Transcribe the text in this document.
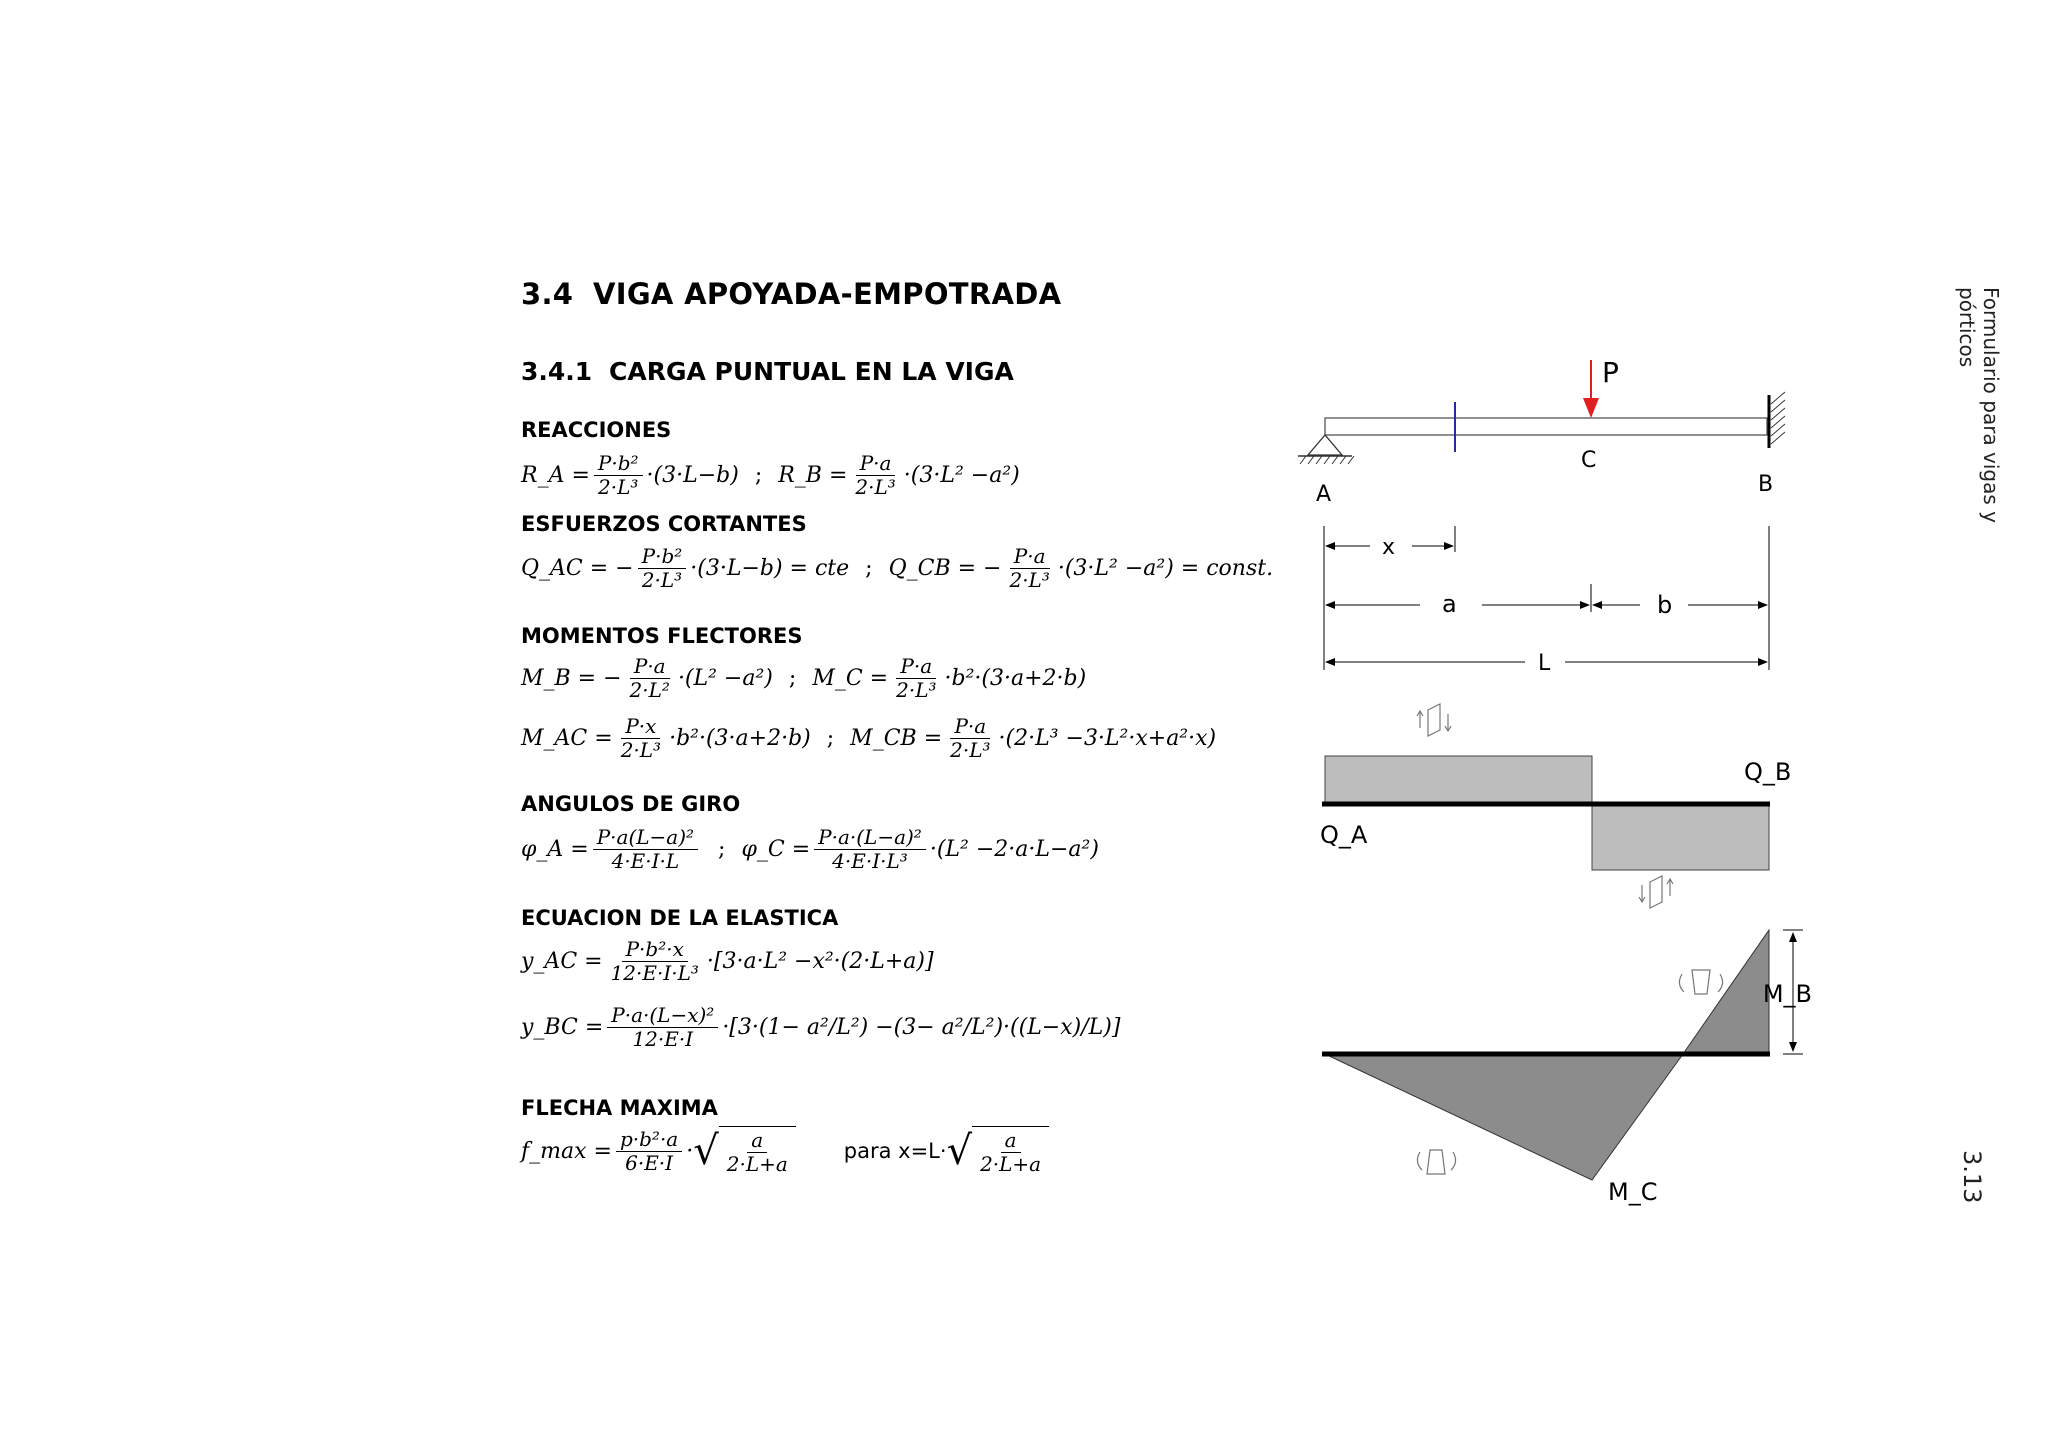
3.4 VIGA APOYADA-EMPOTRADA
3.4.1 CARGA PUNTUAL EN LA VIGA
REACCIONES
R_A = $\frac{\text{P·b²}}{\text{2·L³}} \cdot(3\cdot L-b)$ ; R_B = $\frac{P\cdot a}{\text{2·L³}} \cdot(3\cdot L^2 -a^2)$
ESFUERZOS CORTANTES
Q_AC = − $\frac{\text{P·b²}}{\text{2·L³}} \cdot(3\cdot L-b)$ = cte ; Q_CB = − $\frac{P\cdot a}{\text{2·L³}} \cdot(3\cdot L^2 -a^2)$ = const.
MOMENTOS FLECTORES
M_B = − $\frac{P\cdot a}{\text{2·L²}} \cdot(L^2 -a^2)$ ; M_C = $\frac{P\cdot a}{\text{2·L³}} \cdot b^2\cdot(3\cdot a+2\cdot b)$
M_AC = $\frac{P\cdot x}{\text{2·L³}} \cdot b^2\cdot(3\cdot a+2\cdot b)$ ; M_CB = $\frac{P\cdot a}{\text{2·L³}} \cdot(2\cdot L^3 -3\cdot L^2\cdot x+a^2\cdot x)$
ANGULOS DE GIRO
φ_A = $\frac{\text{P·a(L−a)²}}{4\cdot E\cdot I\cdot L}$ ; φ_C = $\frac{\text{P·a·(L−a)²}}{\text{4·E·I·L³}} \cdot(L^2 -2\cdot a\cdot L-a^2)$
ECUACION DE LA ELASTICA
y_AC = $\frac{\text{P·b²·x}}{\text{12·E·I·L³}} \cdot[3\cdot a\cdot L^2 -x^2\cdot(2\cdot L+a)]$
y_BC = $\frac{\text{P·a·(L−x)²}}{12\cdot E\cdot I} \cdot[3\cdot(1- a^2/L^2) -(3- a^2/L^2)\cdot((L-x)/L)]$
FLECHA MAXIMA
f_max = $\frac{\text{p·b²·a}}{6\cdot E\cdot I}$ · √ $\frac{a}{2\cdot L+a}$ para x=L· √ $\frac{a}{2\cdot L+a}$
P
C
A	B
x
a	b
L
Q_A
Q_B
M_B
M_C
Formulario para vigas y pórticos
3.13
